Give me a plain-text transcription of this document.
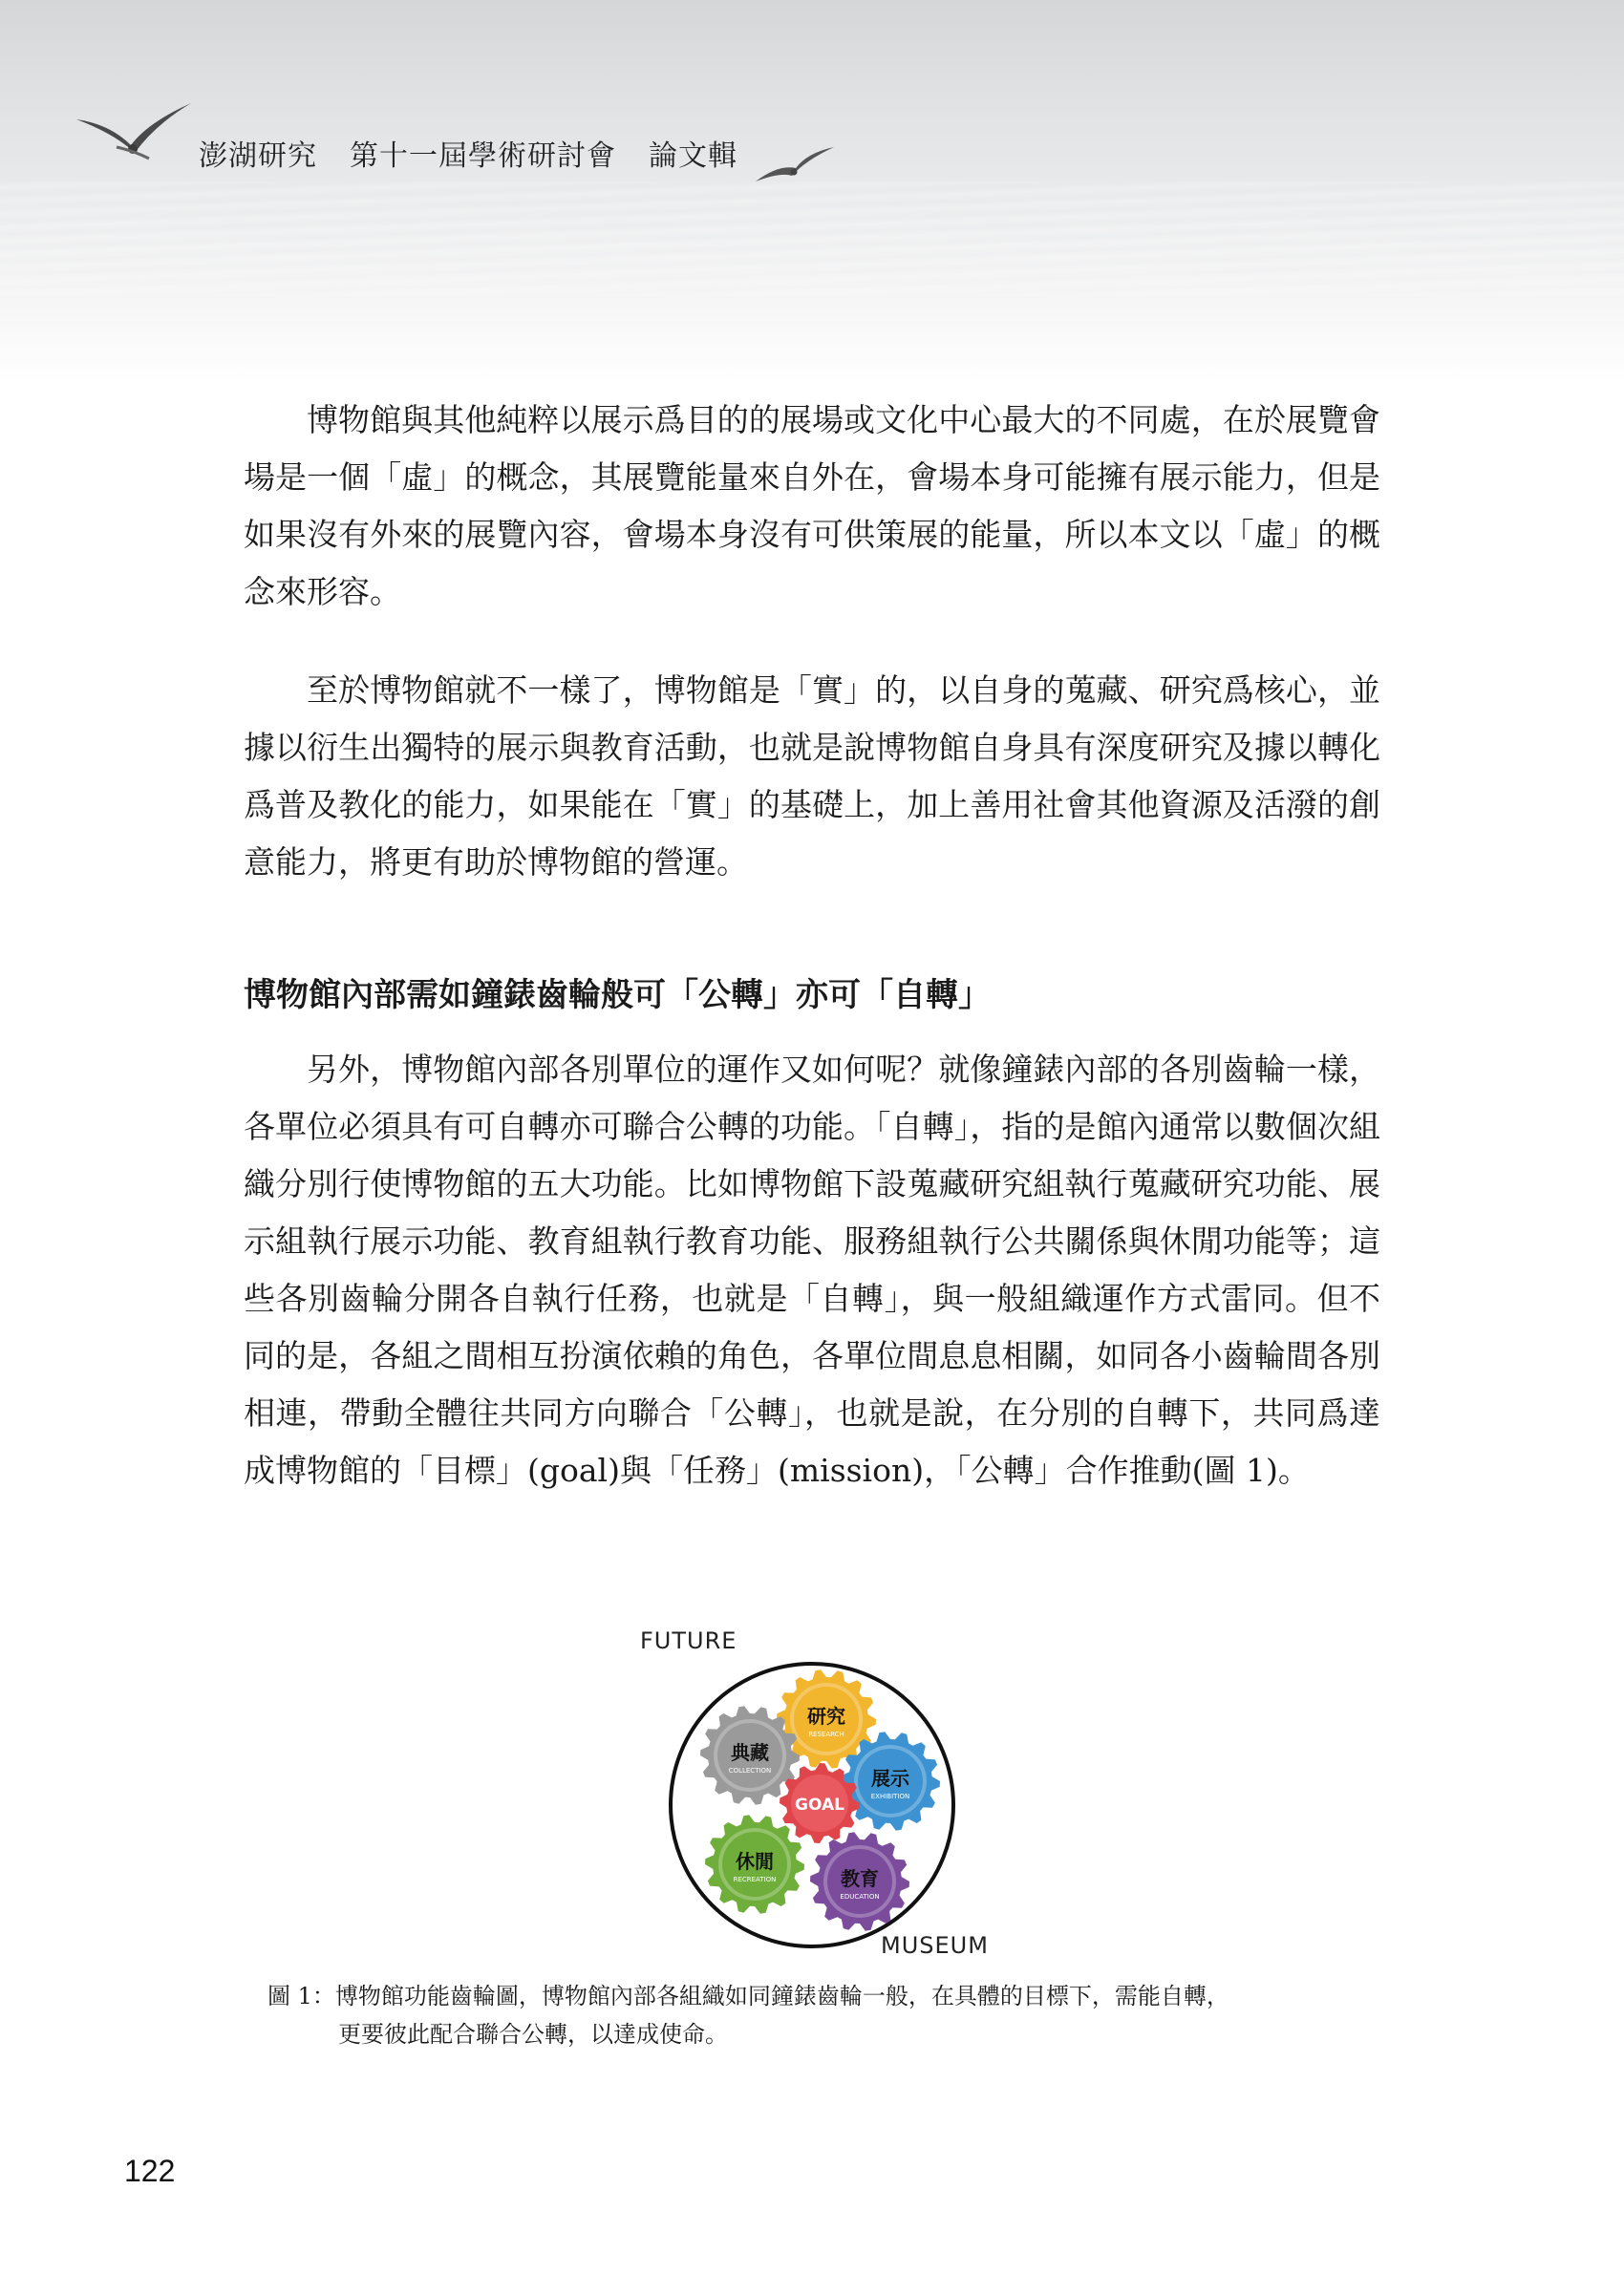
澎湖研究 第十一屆學術研討會 論文輯

博物館與其他純粹以展示爲目的的展場或文化中心最大的不同處，在於展覽會場是一個「虛」的概念，其展覽能量來自外在，會場本身可能擁有展示能力，但是如果沒有外來的展覽內容，會場本身沒有可供策展的能量，所以本文以「虛」的概念來形容。

至於博物館就不一樣了，博物館是「實」的，以自身的蒐藏、研究爲核心，並據以衍生出獨特的展示與教育活動，也就是說博物館自身具有深度研究及據以轉化爲普及教化的能力，如果能在「實」的基礎上，加上善用社會其他資源及活潑的創意能力，將更有助於博物館的營運。

博物館內部需如鐘錶齒輪般可「公轉」亦可「自轉」

另外，博物館內部各別單位的運作又如何呢？就像鐘錶內部的各別齒輪一樣，各單位必須具有可自轉亦可聯合公轉的功能。「自轉」，指的是館內通常以數個次組織分別行使博物館的五大功能。比如博物館下設蒐藏研究組執行蒐藏研究功能、展示組執行展示功能、教育組執行教育功能、服務組執行公共關係與休閒功能等；這些各別齒輪分開各自執行任務，也就是「自轉」，與一般組織運作方式雷同。但不同的是，各組之間相互扮演依賴的角色，各單位間息息相關，如同各小齒輪間各別相連，帶動全體往共同方向聯合「公轉」，也就是說，在分別的自轉下，共同爲達成博物館的「目標」(goal)與「任務」(mission)，「公轉」合作推動(圖 1)。

FUTURE
研究
RESEARCH
典藏
COLLECTION	展示
EXHIBITION
休閒
RECREATION	教育
EDUCATION
GOAL
MUSEUM

圖 1：博物館功能齒輪圖，博物館內部各組織如同鐘錶齒輪一般，在具體的目標下，需能自轉，
更要彼此配合聯合公轉，以達成使命。

122
